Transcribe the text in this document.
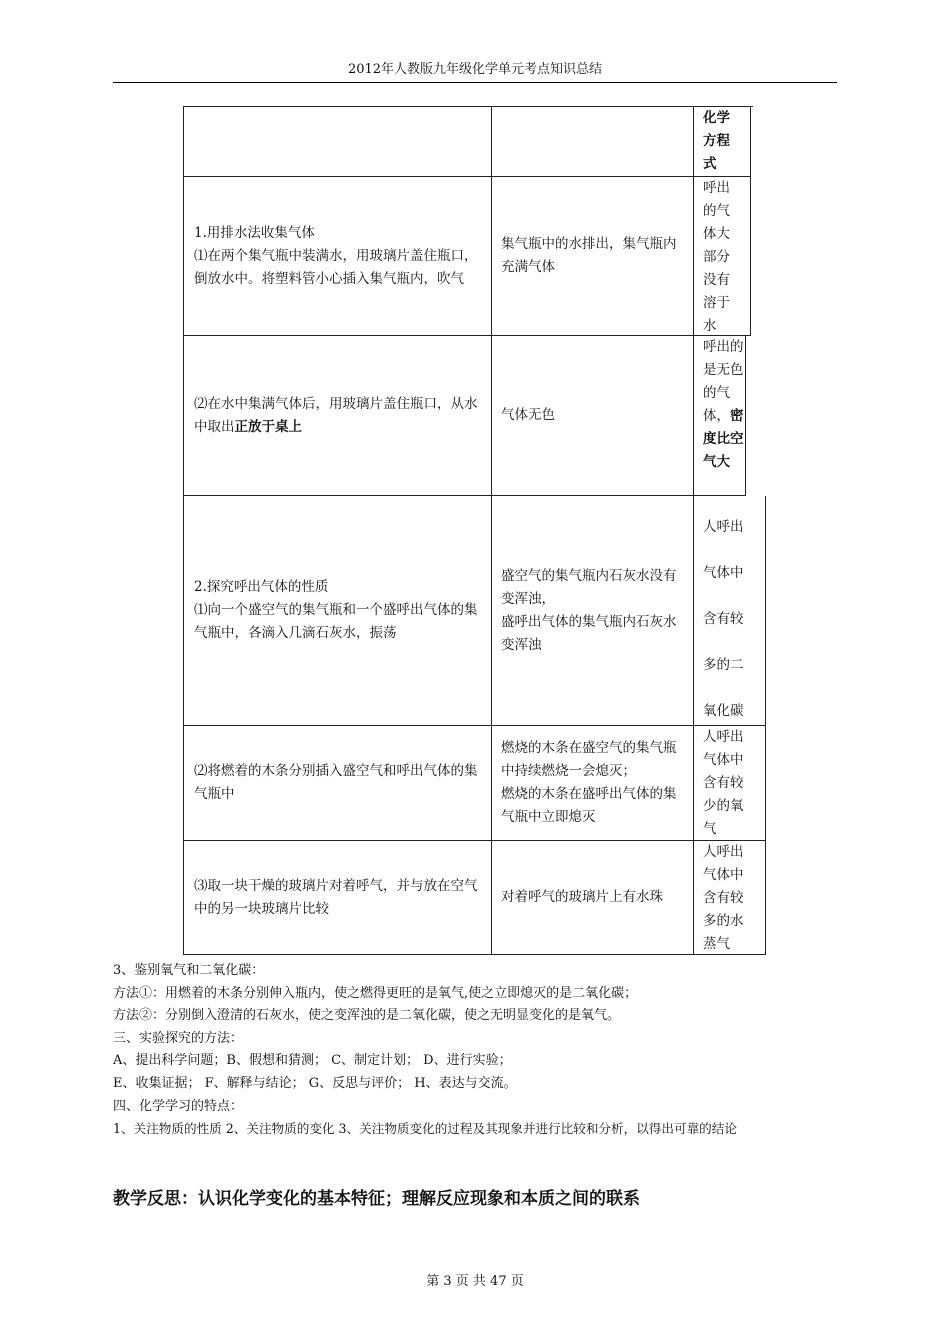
2012年人教版九年级化学单元考点知识总结
化学
方程
式

1.用排水法收集气体

⑴在两个集气瓶中装满水，用玻璃片盖住瓶口，倒放水中。将塑料管小心插入集气瓶内，吹气

集气瓶中的水排出，集气瓶内充满气体

呼出
的气
体大
部分
没有
溶于
水

⑵在水中集满气体后，用玻璃片盖住瓶口，从水中取出正放于桌上

气体无色

呼出的
是无色
的气
体，密
度比空
气大

2.探究呼出气体的性质

⑴向一个盛空气的集气瓶和一个盛呼出气体的集气瓶中，各滴入几滴石灰水，振荡

盛空气的集气瓶内石灰水没有变浑浊，

盛呼出气体的集气瓶内石灰水变浑浊

人呼出
气体中
含有较
多的二
氧化碳

⑵将燃着的木条分别插入盛空气和呼出气体的集气瓶中

燃烧的木条在盛空气的集气瓶中持续燃烧一会熄灭；

燃烧的木条在盛呼出气体的集气瓶中立即熄灭

人呼出
气体中
含有较
少的氧
气

⑶取一块干燥的玻璃片对着呼气，并与放在空气中的另一块玻璃片比较

对着呼气的玻璃片上有水珠

人呼出
气体中
含有较
多的水
蒸气

3、鉴别氧气和二氧化碳：

方法①：用燃着的木条分别伸入瓶内，使之燃得更旺的是氧气,使之立即熄灭的是二氧化碳；

方法②：分别倒入澄清的石灰水，使之变浑浊的是二氧化碳，使之无明显变化的是氧气。

三、实验探究的方法：

A、提出科学问题；B、假想和猜测； C、制定计划； D、进行实验；

E、收集证据； F、解释与结论； G、反思与评价； H、表达与交流。

四、化学学习的特点：

1、关注物质的性质 2、关注物质的变化 3、关注物质变化的过程及其现象并进行比较和分析，以得出可靠的结论

教学反思：认识化学变化的基本特征；理解反应现象和本质之间的联系
第 3 页 共 47 页
